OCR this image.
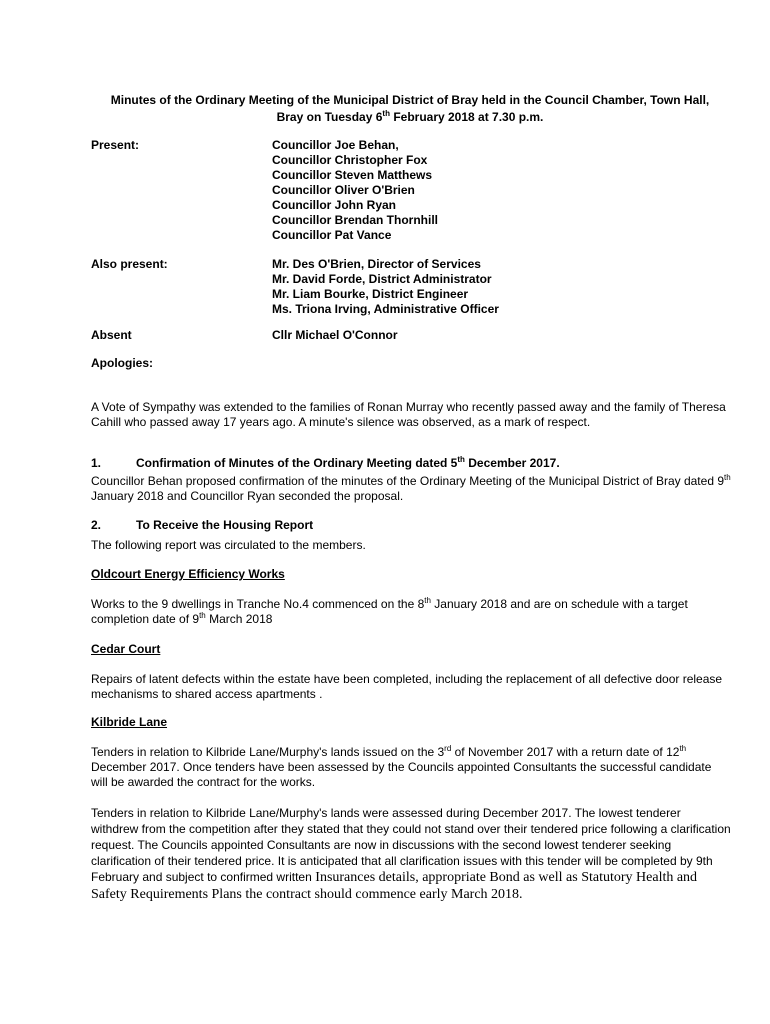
Minutes of the Ordinary Meeting of the Municipal District of Bray held in the Council Chamber, Town Hall,
Bray on Tuesday 6th February 2018 at 7.30 p.m.
Present:	Councillor Joe Behan,
Councillor Christopher Fox
Councillor Steven Matthews
Councillor Oliver O'Brien
Councillor John Ryan
Councillor Brendan Thornhill
Councillor Pat Vance
Also present:	Mr. Des O'Brien, Director of Services
Mr. David Forde, District Administrator
Mr. Liam Bourke, District Engineer
Ms. Triona Irving, Administrative Officer
Absent	Cllr Michael O'Connor
Apologies:
A Vote of Sympathy was extended to the families of Ronan Murray who recently passed away and the family of Theresa Cahill who passed away 17 years ago. A minute's silence was observed, as a mark of respect.
1.	Confirmation of Minutes of the Ordinary Meeting dated 5th December 2017.
Councillor Behan proposed confirmation of the minutes of the Ordinary Meeting of the Municipal District of Bray dated 9th January 2018 and Councillor Ryan seconded the proposal.
2.	To Receive the Housing Report
The following report was circulated to the members.
Oldcourt Energy Efficiency Works
Works to the 9 dwellings in Tranche No.4 commenced on the 8th January 2018 and are on schedule with a target completion date of 9th March 2018
Cedar Court
Repairs of latent defects within the estate have been completed, including the replacement of all defective door release mechanisms to shared access apartments .
Kilbride Lane
Tenders in relation to Kilbride Lane/Murphy's lands issued on the 3rd of November 2017 with a return date of 12th December 2017. Once tenders have been assessed by the Councils appointed Consultants the successful candidate will be awarded the contract for the works.
Tenders in relation to Kilbride Lane/Murphy's lands were assessed during December 2017. The lowest tenderer withdrew from the competition after they stated that they could not stand over their tendered price following a clarification request. The Councils appointed Consultants are now in discussions with the second lowest tenderer seeking clarification of their tendered price. It is anticipated that all clarification issues with this tender will be completed by 9th February and subject to confirmed written Insurances details, appropriate Bond as well as Statutory Health and Safety Requirements Plans the contract should commence early March 2018.
